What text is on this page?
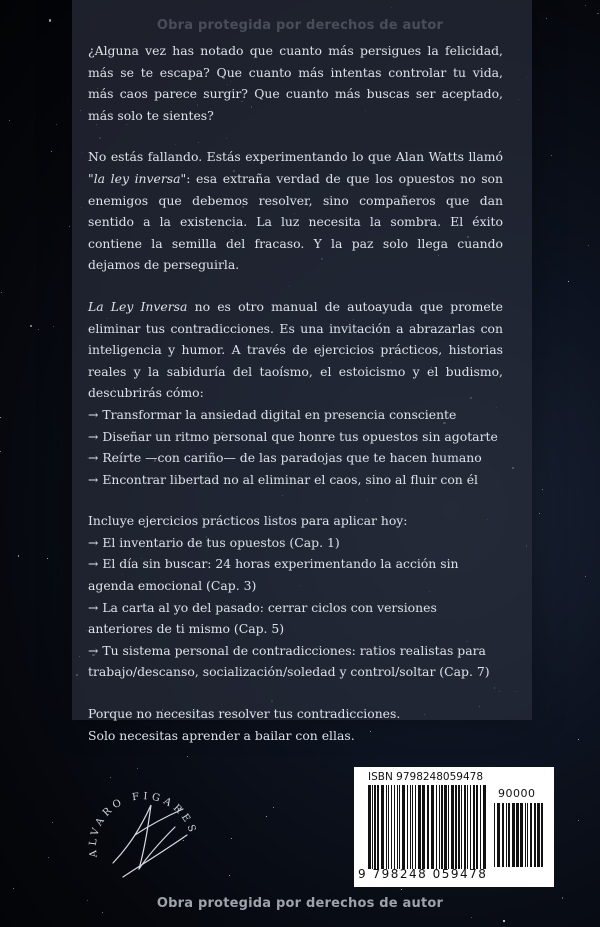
¿Alguna vez has notado que cuanto más persigues la felicidad, más se te escapa? Que cuanto más intentas controlar tu vida, más caos parece surgir? Que cuanto más buscas ser aceptado, más solo te sientes?

No estás fallando. Estás experimentando lo que Alan Watts llamó "la ley inversa": esa extraña verdad de que los opuestos no son enemigos que debemos resolver, sino compañeros que dan sentido a la existencia. La luz necesita la sombra. El éxito contiene la semilla del fracaso. Y la paz solo llega cuando dejamos de perseguirla.

La Ley Inversa no es otro manual de autoayuda que promete eliminar tus contradicciones. Es una invitación a abrazarlas con inteligencia y humor. A través de ejercicios prácticos, historias reales y la sabiduría del taoísmo, el estoicismo y el budismo, descubrirás cómo:
→ Transformar la ansiedad digital en presencia consciente
→ Diseñar un ritmo personal que honre tus opuestos sin agotarte
→ Reírte —con cariño— de las paradojas que te hacen humano
→ Encontrar libertad no al eliminar el caos, sino al fluir con él

Incluye ejercicios prácticos listos para aplicar hoy:
→ El inventario de tus opuestos (Cap. 1)
→ El día sin buscar: 24 horas experimentando la acción sin agenda emocional (Cap. 3)
→ La carta al yo del pasado: cerrar ciclos con versiones anteriores de ti mismo (Cap. 5)
→ Tu sistema personal de contradicciones: ratios realistas para trabajo/descanso, socialización/soledad y control/soltar (Cap. 7)

Porque no necesitas resolver tus contradicciones.
Solo necesitas aprender a bailar con ellas.

ALVARO FIGARES
ISBN 9798248059478
90000
9 798248 059478
Obra protegida por derechos de autor
